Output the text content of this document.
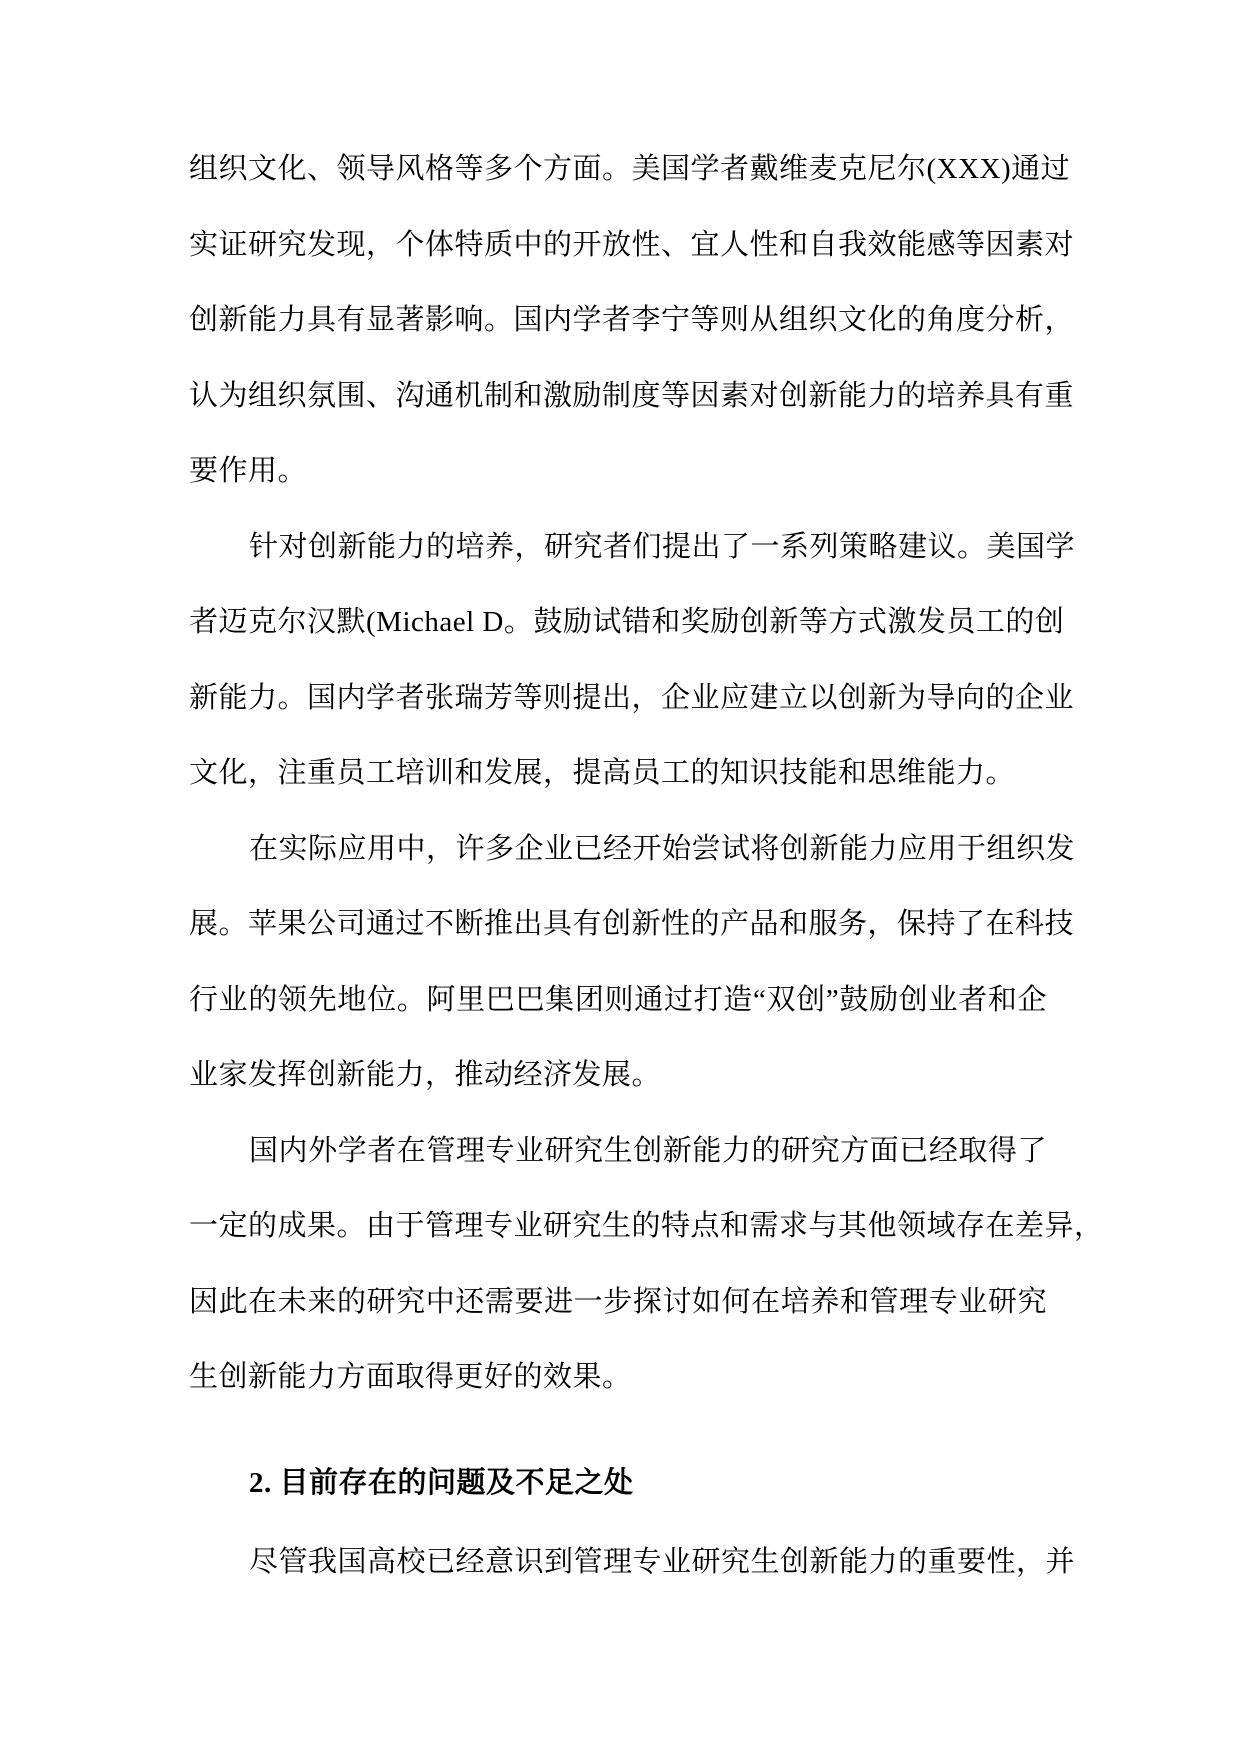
组织文化、领导风格等多个方面。美国学者戴维麦克尼尔(XXX)通过
实证研究发现，个体特质中的开放性、宜人性和自我效能感等因素对
创新能力具有显著影响。国内学者李宁等则从组织文化的角度分析，
认为组织氛围、沟通机制和激励制度等因素对创新能力的培养具有重
要作用。
针对创新能力的培养，研究者们提出了一系列策略建议。美国学
者迈克尔汉默(Michael D。鼓励试错和奖励创新等方式激发员工的创
新能力。国内学者张瑞芳等则提出，企业应建立以创新为导向的企业
文化，注重员工培训和发展，提高员工的知识技能和思维能力。
在实际应用中，许多企业已经开始尝试将创新能力应用于组织发
展。苹果公司通过不断推出具有创新性的产品和服务，保持了在科技
行业的领先地位。阿里巴巴集团则通过打造“双创”鼓励创业者和企
业家发挥创新能力，推动经济发展。
国内外学者在管理专业研究生创新能力的研究方面已经取得了
一定的成果。由于管理专业研究生的特点和需求与其他领域存在差异，
因此在未来的研究中还需要进一步探讨如何在培养和管理专业研究
生创新能力方面取得更好的效果。
2. 目前存在的问题及不足之处
尽管我国高校已经意识到管理专业研究生创新能力的重要性，并
